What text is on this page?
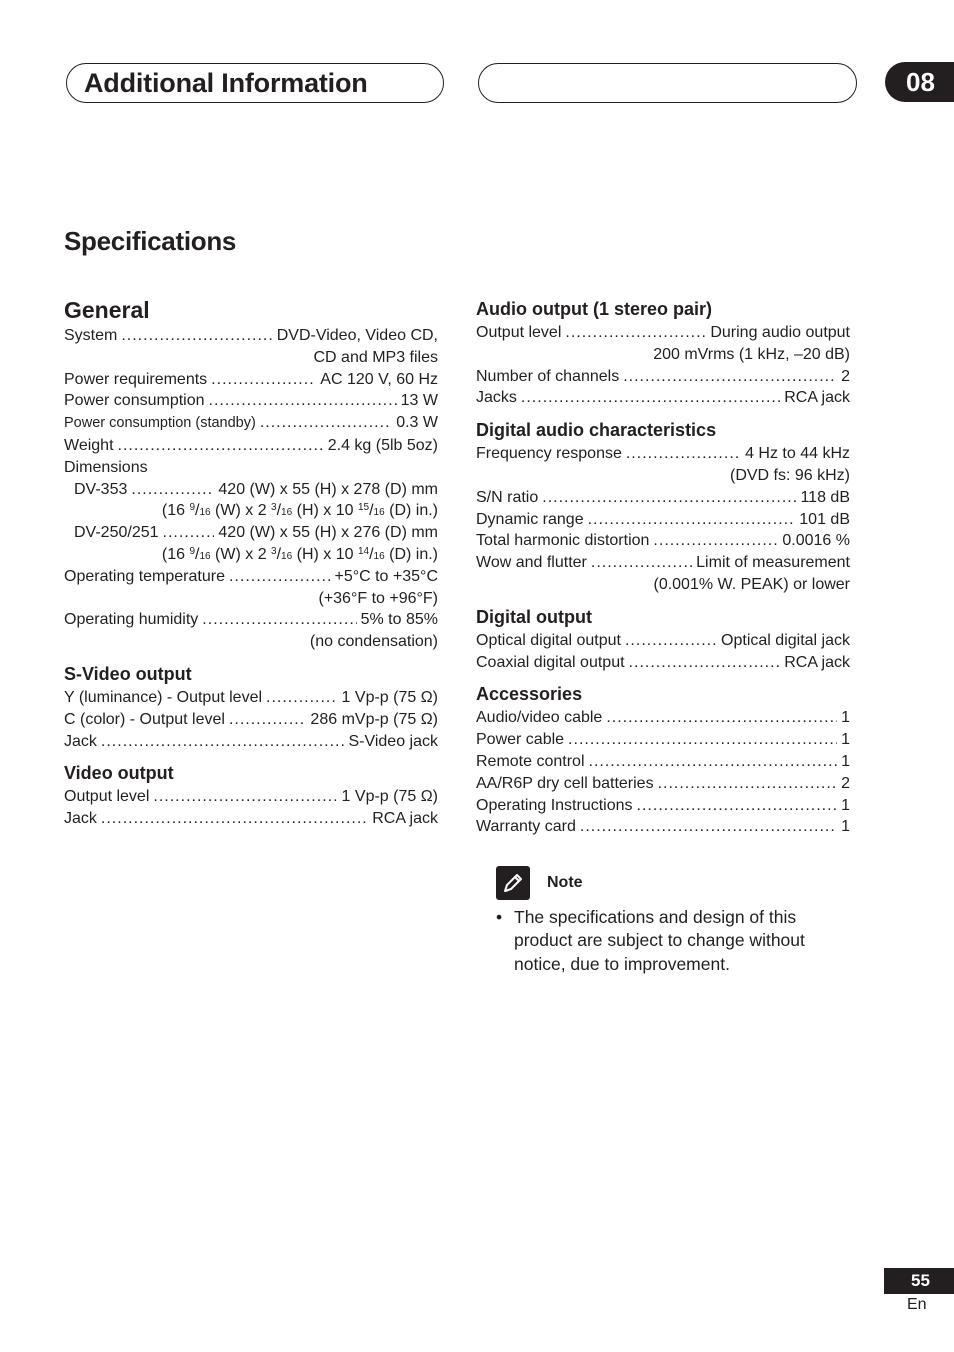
Additional Information	08
Specifications
General
System .....	DVD-Video, Video CD,
CD and MP3 files
Power requirements .....	AC 120 V, 60 Hz
Power consumption .....	13 W
Power consumption (standby) .....	0.3 W
Weight .....	2.4 kg (5lb 5oz)
Dimensions
DV-353 .....	420 (W) x 55 (H) x 278 (D) mm
(16 $^9$/16 (W) x 2 $^3$/16 (H) x 10 $^{15}$/16 (D) in.)
DV-250/251 .....	420 (W) x 55 (H) x 276 (D) mm
(16 $^9$/16 (W) x 2 $^3$/16 (H) x 10 $^{14}$/16 (D) in.)
Operating temperature .....	+5°C to +35°C
(+36°F to +96°F)
Operating humidity .....	5% to 85%
(no condensation)
S-Video output
Y (luminance) - Output level .....	1 Vp-p (75 Ω)
C (color) - Output level .....	286 mVp-p (75 Ω)
Jack .....	S-Video jack
Video output
Output level .....	1 Vp-p (75 Ω)
Jack .....	RCA jack
Audio output (1 stereo pair)
Output level .....	During audio output
200 mVrms (1 kHz, –20 dB)
Number of channels .....	2
Jacks .....	RCA jack
Digital audio characteristics
Frequency response .....	4 Hz to 44 kHz
(DVD fs: 96 kHz)
S/N ratio .....	118 dB
Dynamic range .....	101 dB
Total harmonic distortion .....	0.0016 %
Wow and flutter .....	Limit of measurement
(0.001% W. PEAK) or lower
Digital output
Optical digital output .....	Optical digital jack
Coaxial digital output .....	RCA jack
Accessories
Audio/video cable .....	1
Power cable .....	1
Remote control .....	1
AA/R6P dry cell batteries .....	2
Operating Instructions .....	1
Warranty card .....	1
Note
• The specifications and design of this product are subject to change without notice, due to improvement.
55
En
